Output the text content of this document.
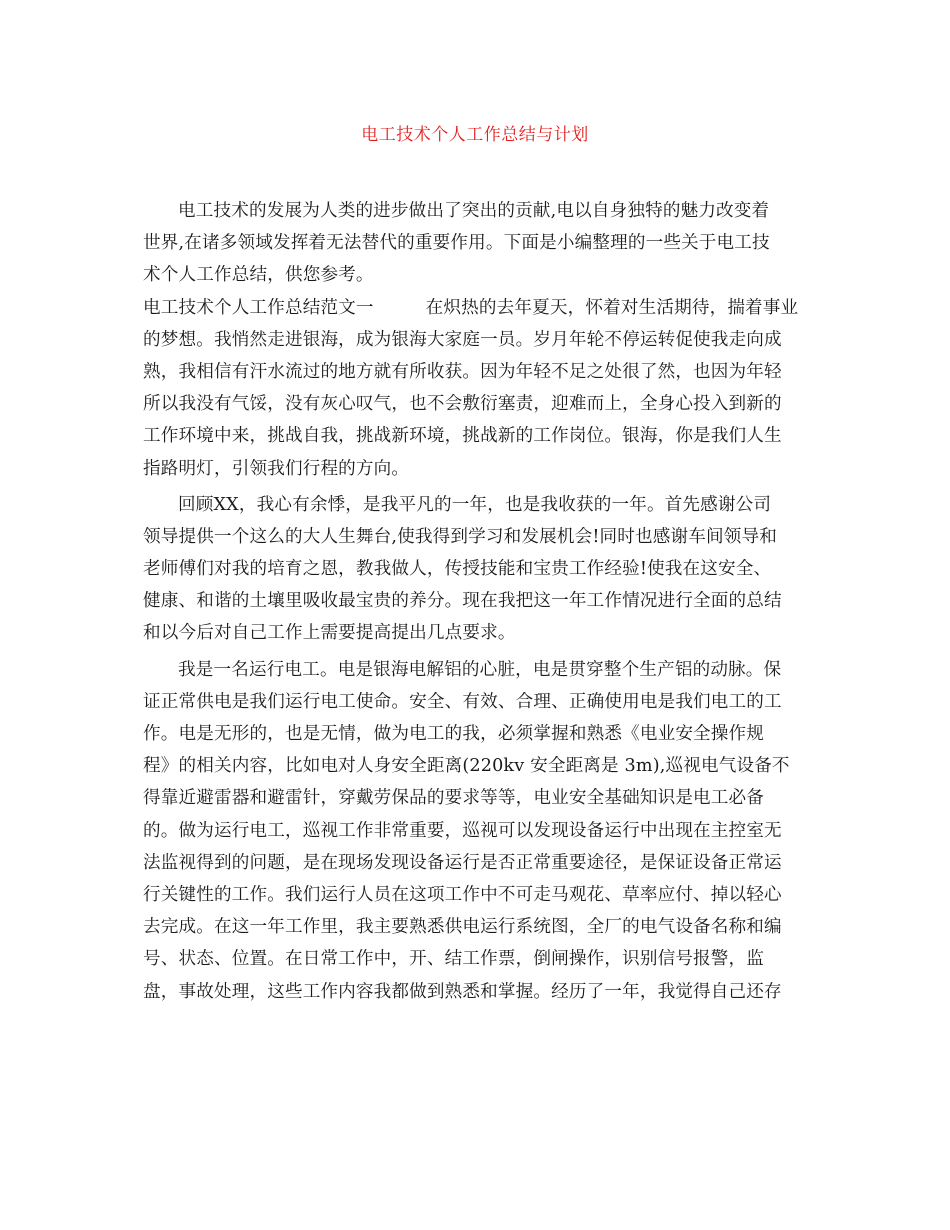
电工技术个人工作总结与计划
电工技术的发展为人类的进步做出了突出的贡献,电以自身独特的魅力改变着
世界,在诸多领域发挥着无法替代的重要作用。下面是小编整理的一些关于电工技
术个人工作总结，供您参考。
电工技术个人工作总结范文一	在炽热的去年夏天，怀着对生活期待，揣着事业
的梦想。我悄然走进银海，成为银海大家庭一员。岁月年轮不停运转促使我走向成
熟，我相信有汗水流过的地方就有所收获。因为年轻不足之处很了然，也因为年轻
所以我没有气馁，没有灰心叹气，也不会敷衍塞责，迎难而上，全身心投入到新的
工作环境中来，挑战自我，挑战新环境，挑战新的工作岗位。银海，你是我们人生
指路明灯，引领我们行程的方向。
回顾XX，我心有余悸，是我平凡的一年，也是我收获的一年。首先感谢公司
领导提供一个这么的大人生舞台,使我得到学习和发展机会!同时也感谢车间领导和
老师傅们对我的培育之恩，教我做人，传授技能和宝贵工作经验!使我在这安全、
健康、和谐的土壤里吸收最宝贵的养分。现在我把这一年工作情况进行全面的总结
和以今后对自己工作上需要提高提出几点要求。
我是一名运行电工。电是银海电解铝的心脏，电是贯穿整个生产铝的动脉。保
证正常供电是我们运行电工使命。安全、有效、合理、正确使用电是我们电工的工
作。电是无形的，也是无情，做为电工的我，必须掌握和熟悉《电业安全操作规
程》的相关内容，比如电对人身安全距离(220kv 安全距离是 3m),巡视电气设备不
得靠近避雷器和避雷针，穿戴劳保品的要求等等，电业安全基础知识是电工必备
的。做为运行电工，巡视工作非常重要，巡视可以发现设备运行中出现在主控室无
法监视得到的问题，是在现场发现设备运行是否正常重要途径，是保证设备正常运
行关键性的工作。我们运行人员在这项工作中不可走马观花、草率应付、掉以轻心
去完成。在这一年工作里，我主要熟悉供电运行系统图，全厂的电气设备名称和编
号、状态、位置。在日常工作中，开、结工作票，倒闸操作，识别信号报警，监
盘，事故处理，这些工作内容我都做到熟悉和掌握。经历了一年，我觉得自己还存
